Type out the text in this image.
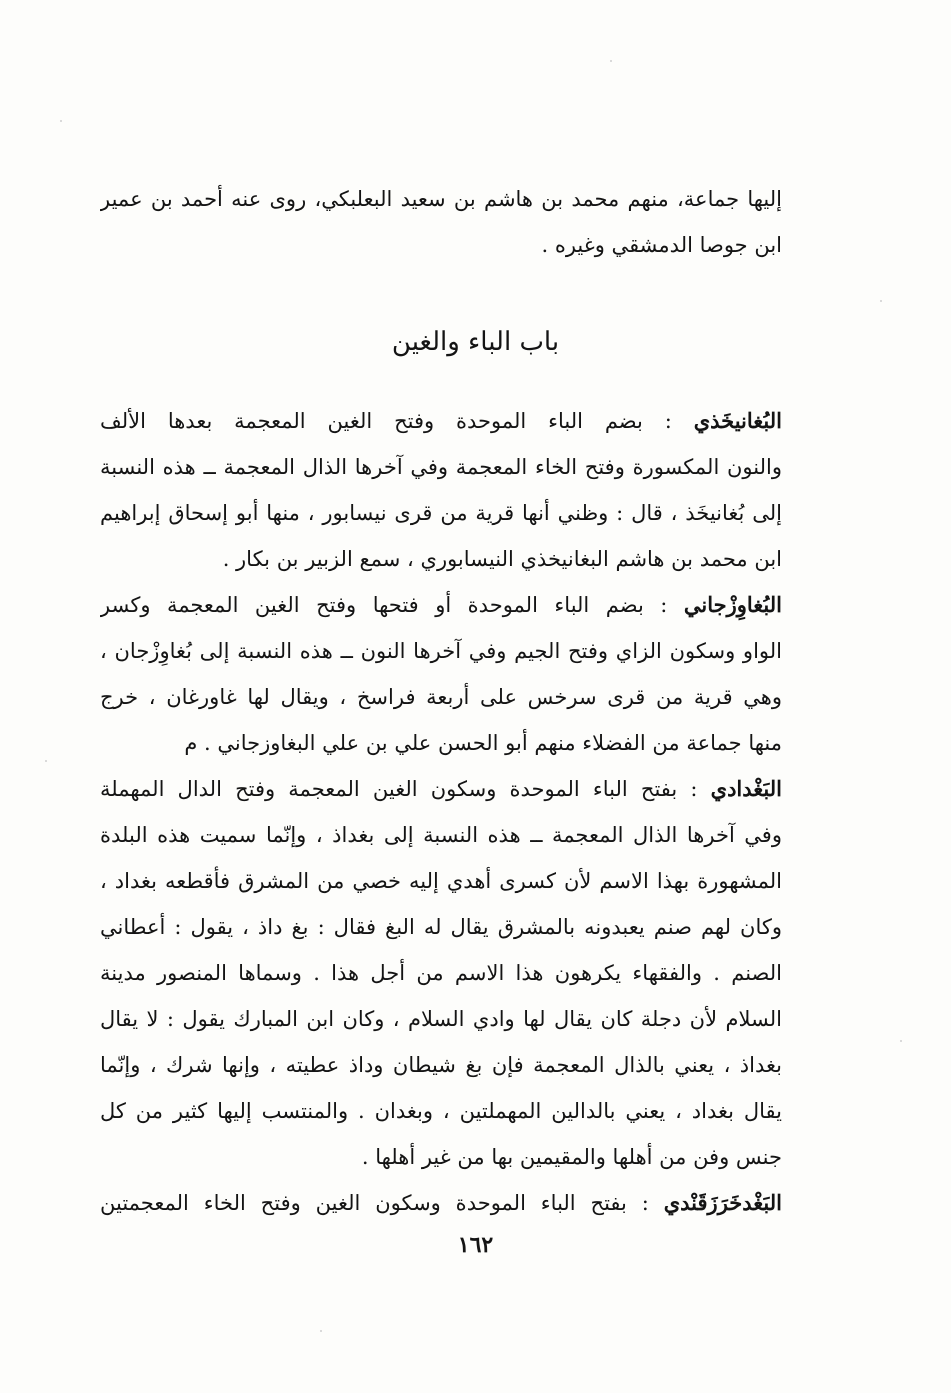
إليها جماعة، منهم محمد بن هاشم بن سعيد البعلبكي، روى عنه أحمد بن عمير
ابن جوصا الدمشقي وغيره .
باب الباء والغين
البُغانيخَذي : بضم الباء الموحدة وفتح الغين المعجمة بعدها الألف
والنون المكسورة وفتح الخاء المعجمة وفي آخرها الذال المعجمة ــ هذه النسبة
إلى بُغانيخَذ ، قال : وظني أنها قرية من قرى نيسابور ، منها أبو إسحاق إبراهيم
ابن محمد بن هاشم البغانيخذي النيسابوري ، سمع الزبير بن بكار .
البُغاوِزْجاني : بضم الباء الموحدة أو فتحها وفتح الغين المعجمة وكسر
الواو وسكون الزاي وفتح الجيم وفي آخرها النون ــ هذه النسبة إلى بُغاوِزْجان ،
وهي قرية من قرى سرخس على أربعة فراسخ ، ويقال لها غاورغان ، خرج
منها جماعة من الفضلاء منهم أبو الحسن علي بن علي البغاوزجاني . م
البَغْدادي : بفتح الباء الموحدة وسكون الغين المعجمة وفتح الدال المهملة
وفي آخرها الذال المعجمة ــ هذه النسبة إلى بغداذ ، وإنّما سميت هذه البلدة
المشهورة بهذا الاسم لأن كسرى أهدي إليه خصي من المشرق فأقطعه بغداد ،
وكان لهم صنم يعبدونه بالمشرق يقال له البغ فقال : بغ داذ ، يقول : أعطاني
الصنم . والفقهاء يكرهون هذا الاسم من أجل هذا . وسماها المنصور مدينة
السلام لأن دجلة كان يقال لها وادي السلام ، وكان ابن المبارك يقول : لا يقال
بغداذ ، يعني بالذال المعجمة فإن بغ شيطان وداذ عطيته ، وإنها شرك ، وإنّما
يقال بغداد ، يعني بالدالين المهملتين ، وبغدان . والمنتسب إليها كثير من كل
جنس وفن من أهلها والمقيمين بها من غير أهلها .
البَغْدخَرَزَقَنْدي : بفتح الباء الموحدة وسكون الغين وفتح الخاء المعجمتين
١٦٢
